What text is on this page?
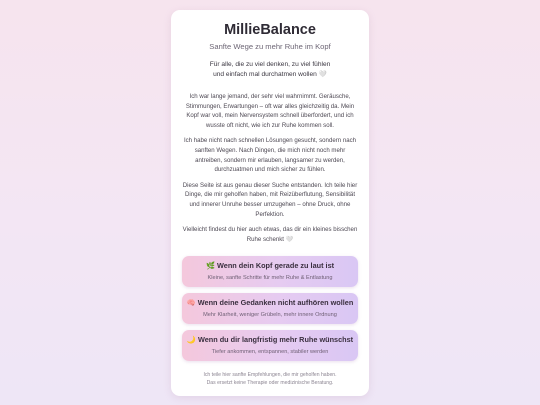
MillieBalance
Sanfte Wege zu mehr Ruhe im Kopf
Für alle, die zu viel denken, zu viel fühlen
und einfach mal durchatmen wollen 🤍
Ich war lange jemand, der sehr viel wahrnimmt. Geräusche, Stimmungen, Erwartungen – oft war alles gleichzeitig da. Mein Kopf war voll, mein Nervensystem schnell überfordert, und ich wusste oft nicht, wie ich zur Ruhe kommen soll.
Ich habe nicht nach schnellen Lösungen gesucht, sondern nach sanften Wegen. Nach Dingen, die mich nicht noch mehr antreiben, sondern mir erlauben, langsamer zu werden, durchzuatmen und mich sicher zu fühlen.
Diese Seite ist aus genau dieser Suche entstanden. Ich teile hier Dinge, die mir geholfen haben, mit Reizüberflutung, Sensibilität und innerer Unruhe besser umzugehen – ohne Druck, ohne Perfektion.
Vielleicht findest du hier auch etwas, das dir ein kleines bisschen Ruhe schenkt 🤍
🌿 Wenn dein Kopf gerade zu laut ist
Kleine, sanfte Schritte für mehr Ruhe & Entlastung
🧠 Wenn deine Gedanken nicht aufhören wollen
Mehr Klarheit, weniger Grübeln, mehr innere Ordnung
🌙 Wenn du dir langfristig mehr Ruhe wünschst
Tiefer ankommen, entspannen, stabiler werden
Ich teile hier sanfte Empfehlungen, die mir geholfen haben.
Das ersetzt keine Therapie oder medizinische Beratung.
